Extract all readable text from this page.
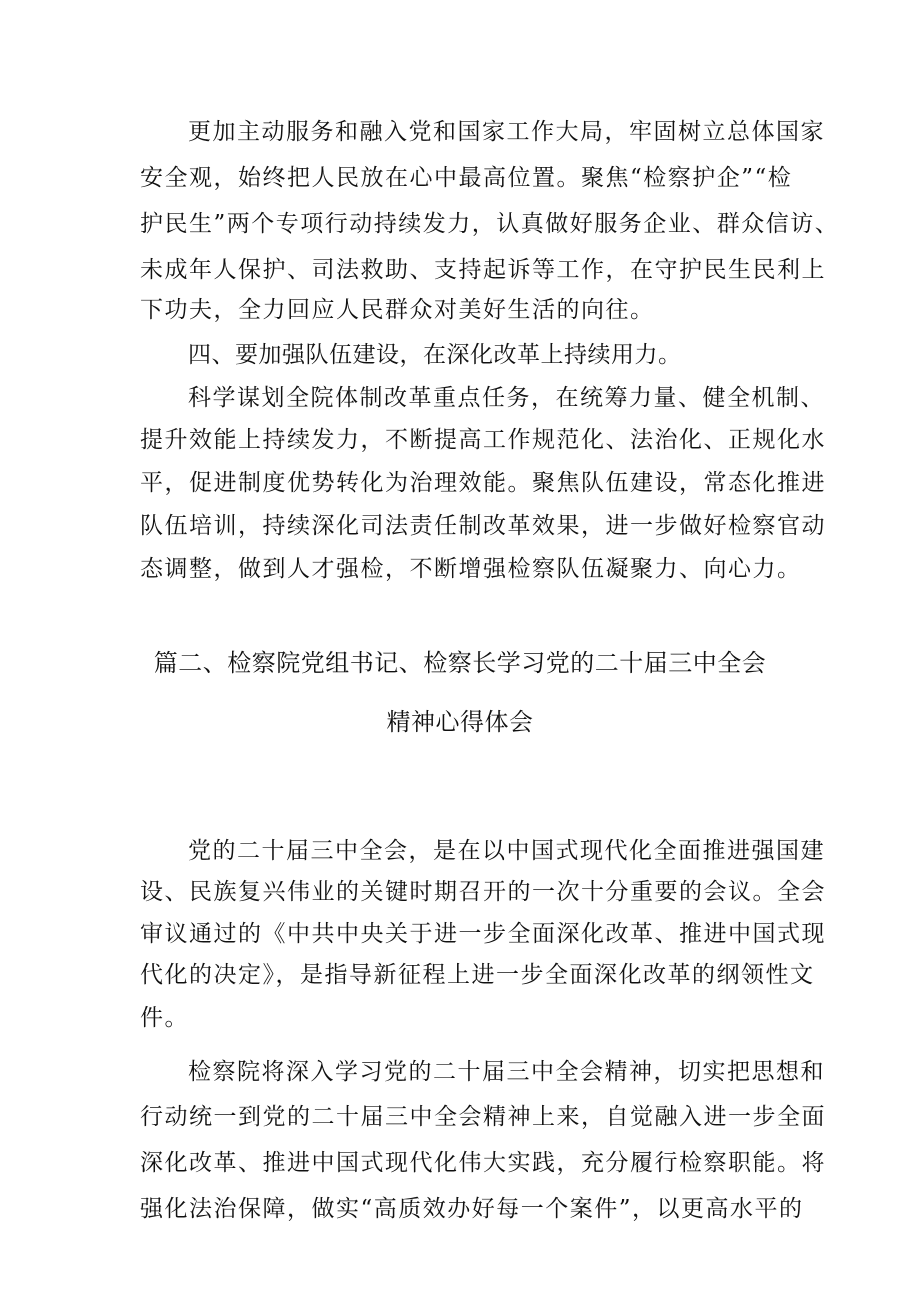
更加主动服务和融入党和国家工作大局，牢固树立总体国家
安全观，始终把人民放在心中最高位置。聚焦“检察护企”“检
护民生”两个专项行动持续发力，认真做好服务企业、群众信访、
未成年人保护、司法救助、支持起诉等工作，在守护民生民利上
下功夫，全力回应人民群众对美好生活的向往。
四、要加强队伍建设，在深化改革上持续用力。
科学谋划全院体制改革重点任务，在统筹力量、健全机制、
提升效能上持续发力，不断提高工作规范化、法治化、正规化水
平，促进制度优势转化为治理效能。聚焦队伍建设，常态化推进
队伍培训，持续深化司法责任制改革效果，进一步做好检察官动
态调整，做到人才强检，不断增强检察队伍凝聚力、向心力。
篇二、检察院党组书记、检察长学习党的二十届三中全会
精神心得体会
党的二十届三中全会，是在以中国式现代化全面推进强国建
设、民族复兴伟业的关键时期召开的一次十分重要的会议。全会
审议通过的《中共中央关于进一步全面深化改革、推进中国式现
代化的决定》，是指导新征程上进一步全面深化改革的纲领性文
件。
检察院将深入学习党的二十届三中全会精神，切实把思想和
行动统一到党的二十届三中全会精神上来，自觉融入进一步全面
深化改革、推进中国式现代化伟大实践，充分履行检察职能。将
强化法治保障，做实“高质效办好每一个案件”，以更高水平的
